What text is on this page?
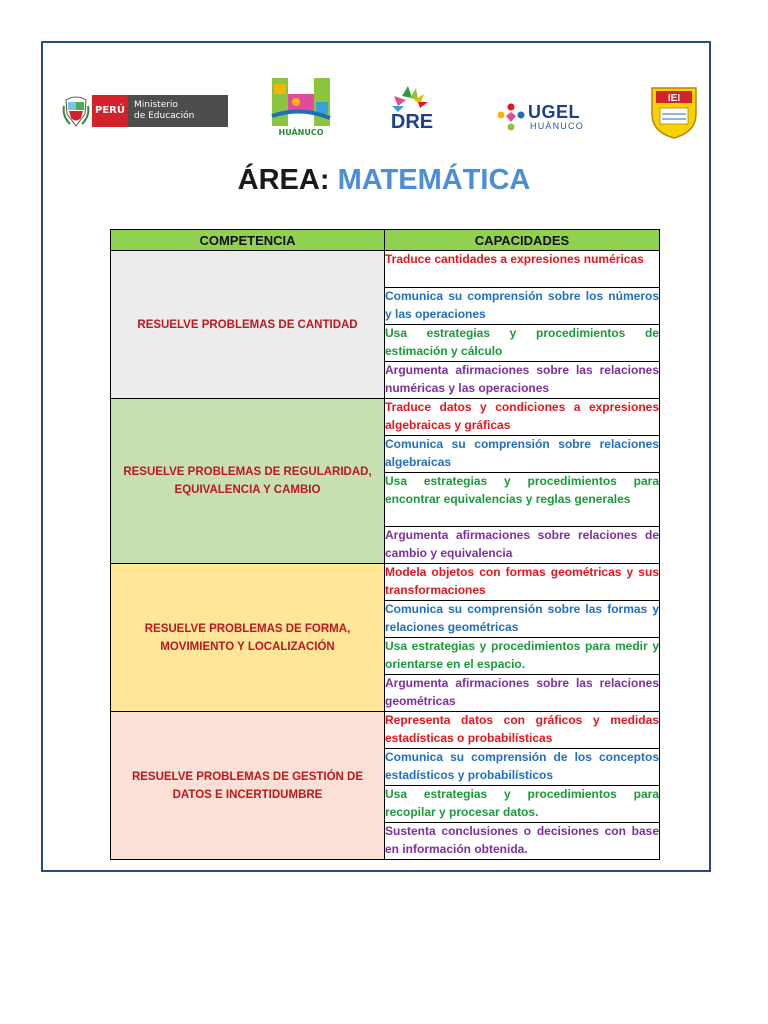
PERÚ	Ministerio
de Educación
HUÁNUCO	DRE	UGEL
HUÁNUCO
IEI
ÁREA: MATEMÁTICA
COMPETENCIA	CAPACIDADES
RESUELVE PROBLEMAS DE CANTIDAD	Traduce cantidades a expresiones numéricas
	Comunica su comprensión sobre los números y las operaciones
	Usa estrategias y procedimientos de estimación y cálculo
	Argumenta afirmaciones sobre las relaciones numéricas y las operaciones
RESUELVE PROBLEMAS DE REGULARIDAD, EQUIVALENCIA Y CAMBIO	Traduce datos y condiciones a expresiones algebraicas y gráficas
	Comunica su comprensión sobre relaciones algebraicas
	Usa estrategias y procedimientos para encontrar equivalencias y reglas generales
	Argumenta afirmaciones sobre relaciones de cambio y equivalencia
RESUELVE PROBLEMAS DE FORMA, MOVIMIENTO Y LOCALIZACIÓN	Modela objetos con formas geométricas y sus transformaciones
	Comunica su comprensión sobre las formas y relaciones geométricas
	Usa estrategias y procedimientos para medir y orientarse en el espacio.
	Argumenta afirmaciones sobre las relaciones geométricas
RESUELVE PROBLEMAS DE GESTIÓN DE DATOS E INCERTIDUMBRE	Representa datos con gráficos y medidas estadísticas o probabilísticas
	Comunica su comprensión de los conceptos estadísticos y probabilísticos
	Usa estrategias y procedimientos para recopilar y procesar datos.
	Sustenta conclusiones o decisiones con base en información obtenida.
